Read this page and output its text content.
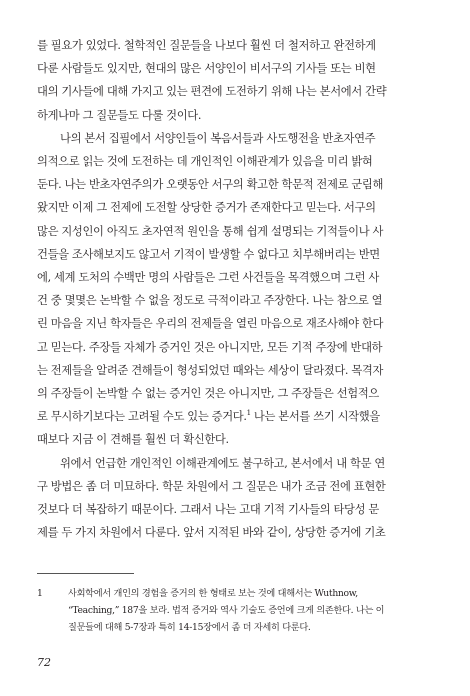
를 필요가 있었다. 철학적인 질문들을 나보다 훨씬 더 철저하고 완전하게
다룬 사람들도 있지만, 현대의 많은 서양인이 비서구의 기사들 또는 비현
대의 기사들에 대해 가지고 있는 편견에 도전하기 위해 나는 본서에서 간략
하게나마 그 질문들도 다룰 것이다.

나의 본서 집필에서 서양인들이 복음서들과 사도행전을 반초자연주
의적으로 읽는 것에 도전하는 데 개인적인 이해관계가 있음을 미리 밝혀
둔다. 나는 반초자연주의가 오랫동안 서구의 확고한 학문적 전제로 군림해
왔지만 이제 그 전제에 도전할 상당한 증거가 존재한다고 믿는다. 서구의
많은 지성인이 아직도 초자연적 원인을 통해 쉽게 설명되는 기적들이나 사
건들을 조사해보지도 않고서 기적이 발생할 수 없다고 치부해버리는 반면
에, 세계 도처의 수백만 명의 사람들은 그런 사건들을 목격했으며 그런 사
건 중 몇몇은 논박할 수 없을 정도로 극적이라고 주장한다. 나는 참으로 열
린 마음을 지닌 학자들은 우리의 전제들을 열린 마음으로 재조사해야 한다
고 믿는다. 주장들 자체가 증거인 것은 아니지만, 모든 기적 주장에 반대하
는 전제들을 알려준 견해들이 형성되었던 때와는 세상이 달라졌다. 목격자
의 주장들이 논박할 수 없는 증거인 것은 아니지만, 그 주장들은 선험적으
로 무시하기보다는 고려될 수도 있는 증거다.$^1$ 나는 본서를 쓰기 시작했을
때보다 지금 이 견해를 훨씬 더 확신한다.

위에서 언급한 개인적인 이해관계에도 불구하고, 본서에서 내 학문 연
구 방법은 좀 더 미묘하다. 학문 차원에서 그 질문은 내가 조금 전에 표현한
것보다 더 복잡하기 때문이다. 그래서 나는 고대 기적 기사들의 타당성 문
제를 두 가지 차원에서 다룬다. 앞서 지적된 바와 같이, 상당한 증거에 기초

1	사회학에서 개인의 경험을 증거의 한 형태로 보는 것에 대해서는 Wuthnow,
“Teaching,” 187을 보라. 법적 증거와 역사 기술도 증언에 크게 의존한다. 나는 이
질문들에 대해 5-7장과 특히 14-15장에서 좀 더 자세히 다룬다.
72
